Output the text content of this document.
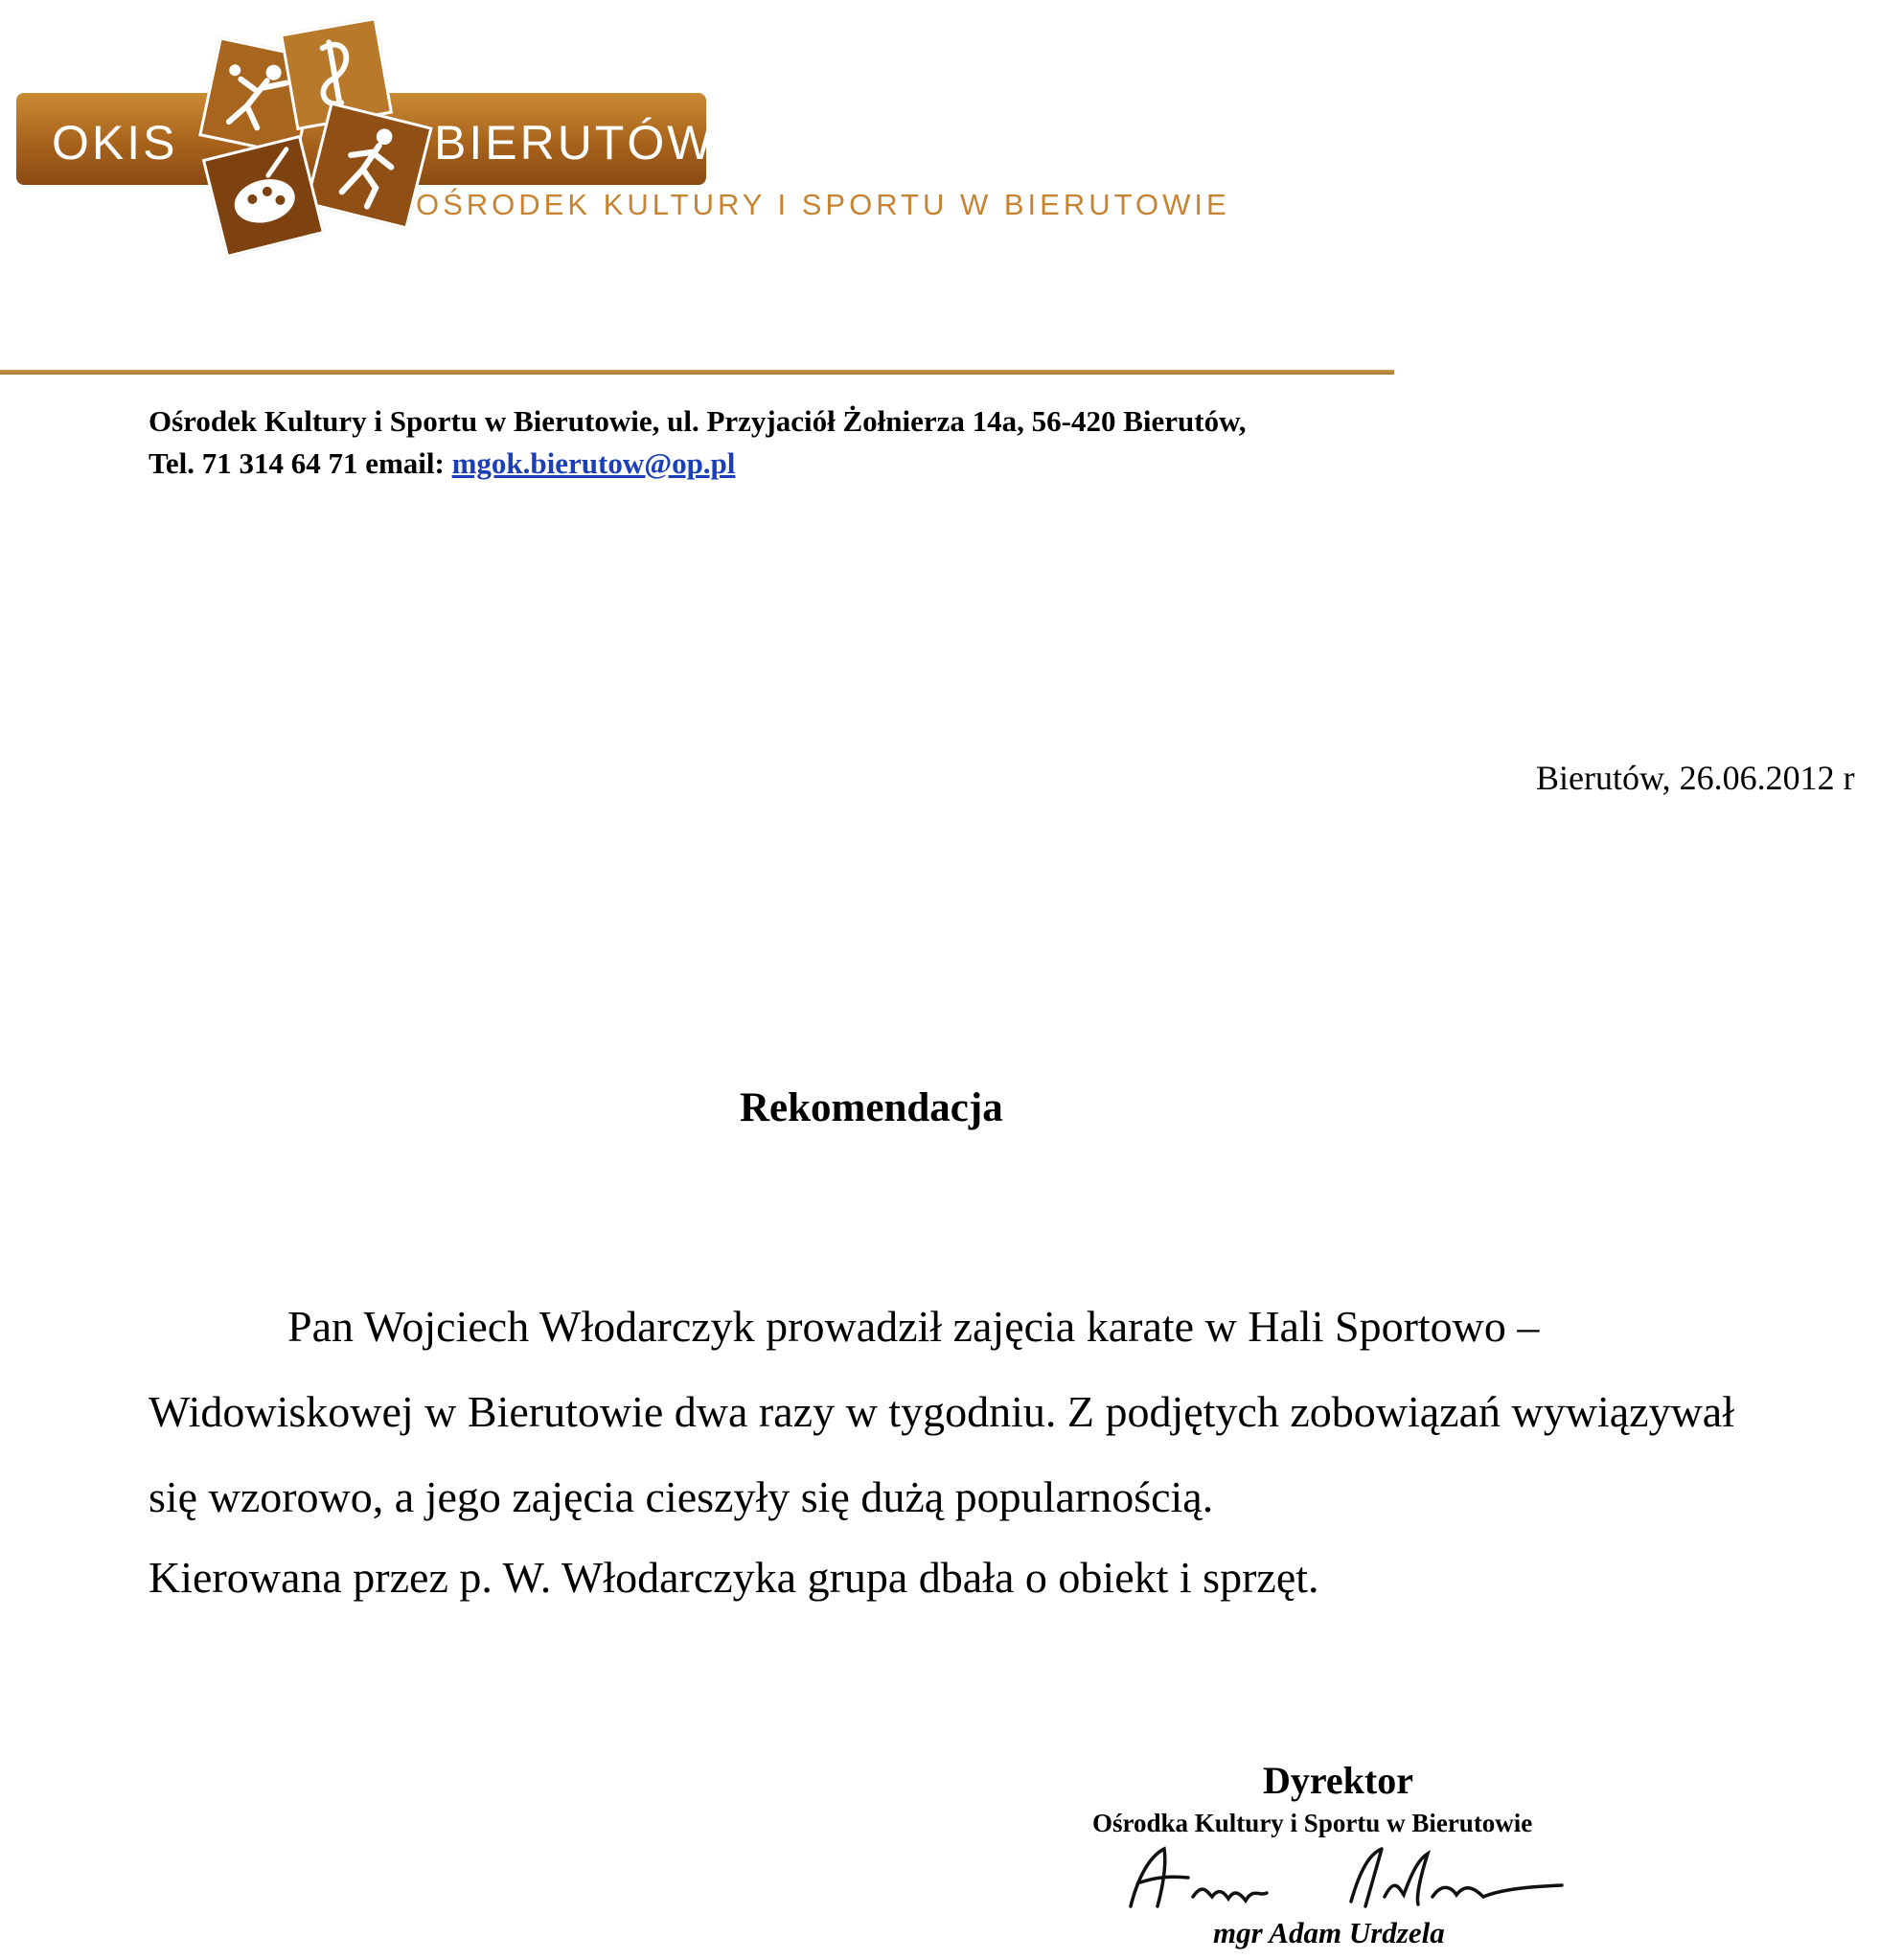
OKIS	BIERUTÓW
OŚRODEK KULTURY I SPORTU W BIERUTOWIE
Ośrodek Kultury i Sportu w Bierutowie, ul. Przyjaciół Żołnierza 14a, 56-420 Bierutów,
Tel. 71 314 64 71 email: mgok.bierutow@op.pl
Bierutów, 26.06.2012 r
Rekomendacja
Pan Wojciech Włodarczyk prowadził zajęcia karate w Hali Sportowo –
Widowiskowej w Bierutowie dwa razy w tygodniu. Z podjętych zobowiązań wywiązywał
się wzorowo, a jego zajęcia cieszyły się dużą popularnością.
Kierowana przez p. W. Włodarczyka grupa dbała o obiekt i sprzęt.
Dyrektor
Ośrodka Kultury i Sportu w Bierutowie
mgr Adam Urdzela
